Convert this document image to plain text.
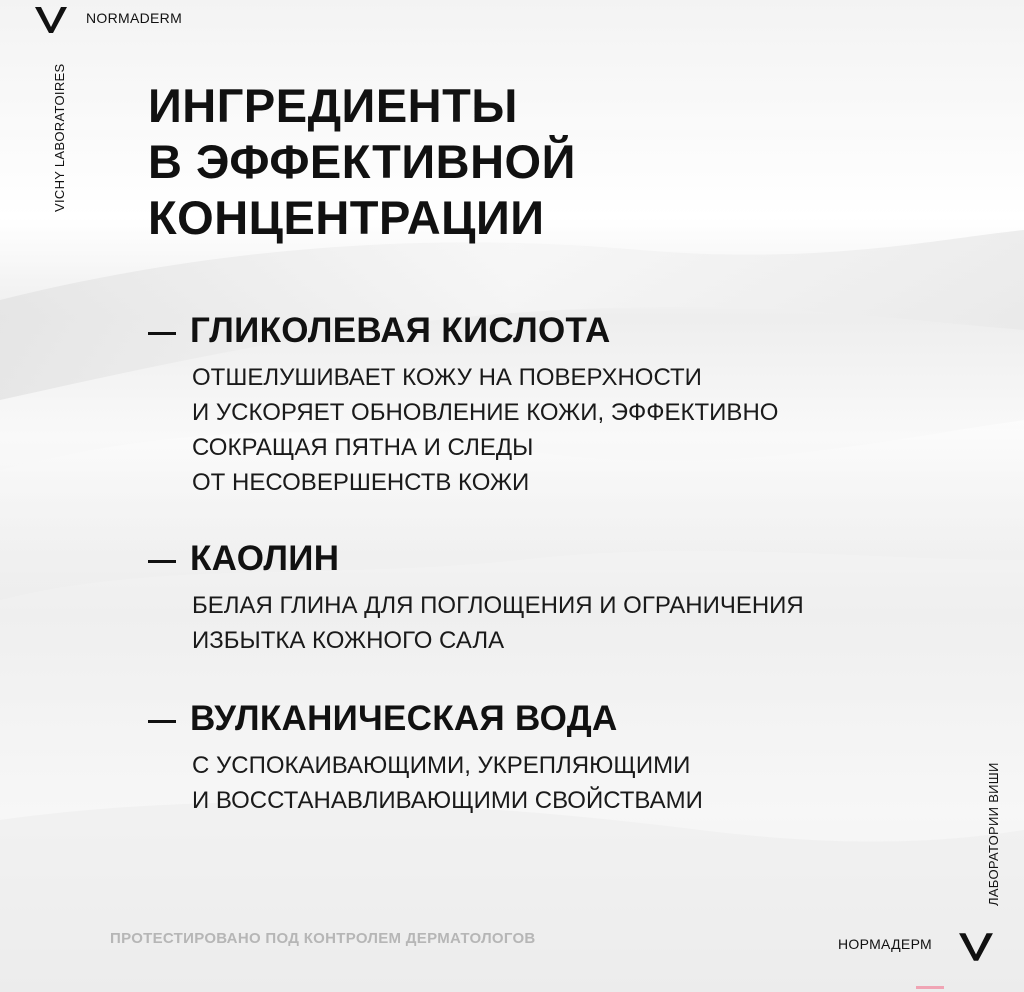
NORMADERM
VICHY LABORATOIRES ИНГРЕДИЕНТЫ
В ЭФФЕКТИВНОЙ
КОНЦЕНТРАЦИИ
ГЛИКОЛЕВАЯ КИСЛОТА
ОТШЕЛУШИВАЕТ КОЖУ НА ПОВЕРХНОСТИ
И УСКОРЯЕТ ОБНОВЛЕНИЕ КОЖИ, ЭФФЕКТИВНО
СОКРАЩАЯ ПЯТНА И СЛЕДЫ
ОТ НЕСОВЕРШЕНСТВ КОЖИ
КАОЛИН
БЕЛАЯ ГЛИНА ДЛЯ ПОГЛОЩЕНИЯ И ОГРАНИЧЕНИЯ
ИЗБЫТКА КОЖНОГО САЛА
ВУЛКАНИЧЕСКАЯ ВОДА
С УСПОКАИВАЮЩИМИ, УКРЕПЛЯЮЩИМИ
И ВОССТАНАВЛИВАЮЩИМИ СВОЙСТВАМИ
ПРОТЕСТИРОВАНО ПОД КОНТРОЛЕМ ДЕРМАТОЛОГОВ
ЛАБОРАТОРИИ ВИШИ
НОРМАДЕРМ
